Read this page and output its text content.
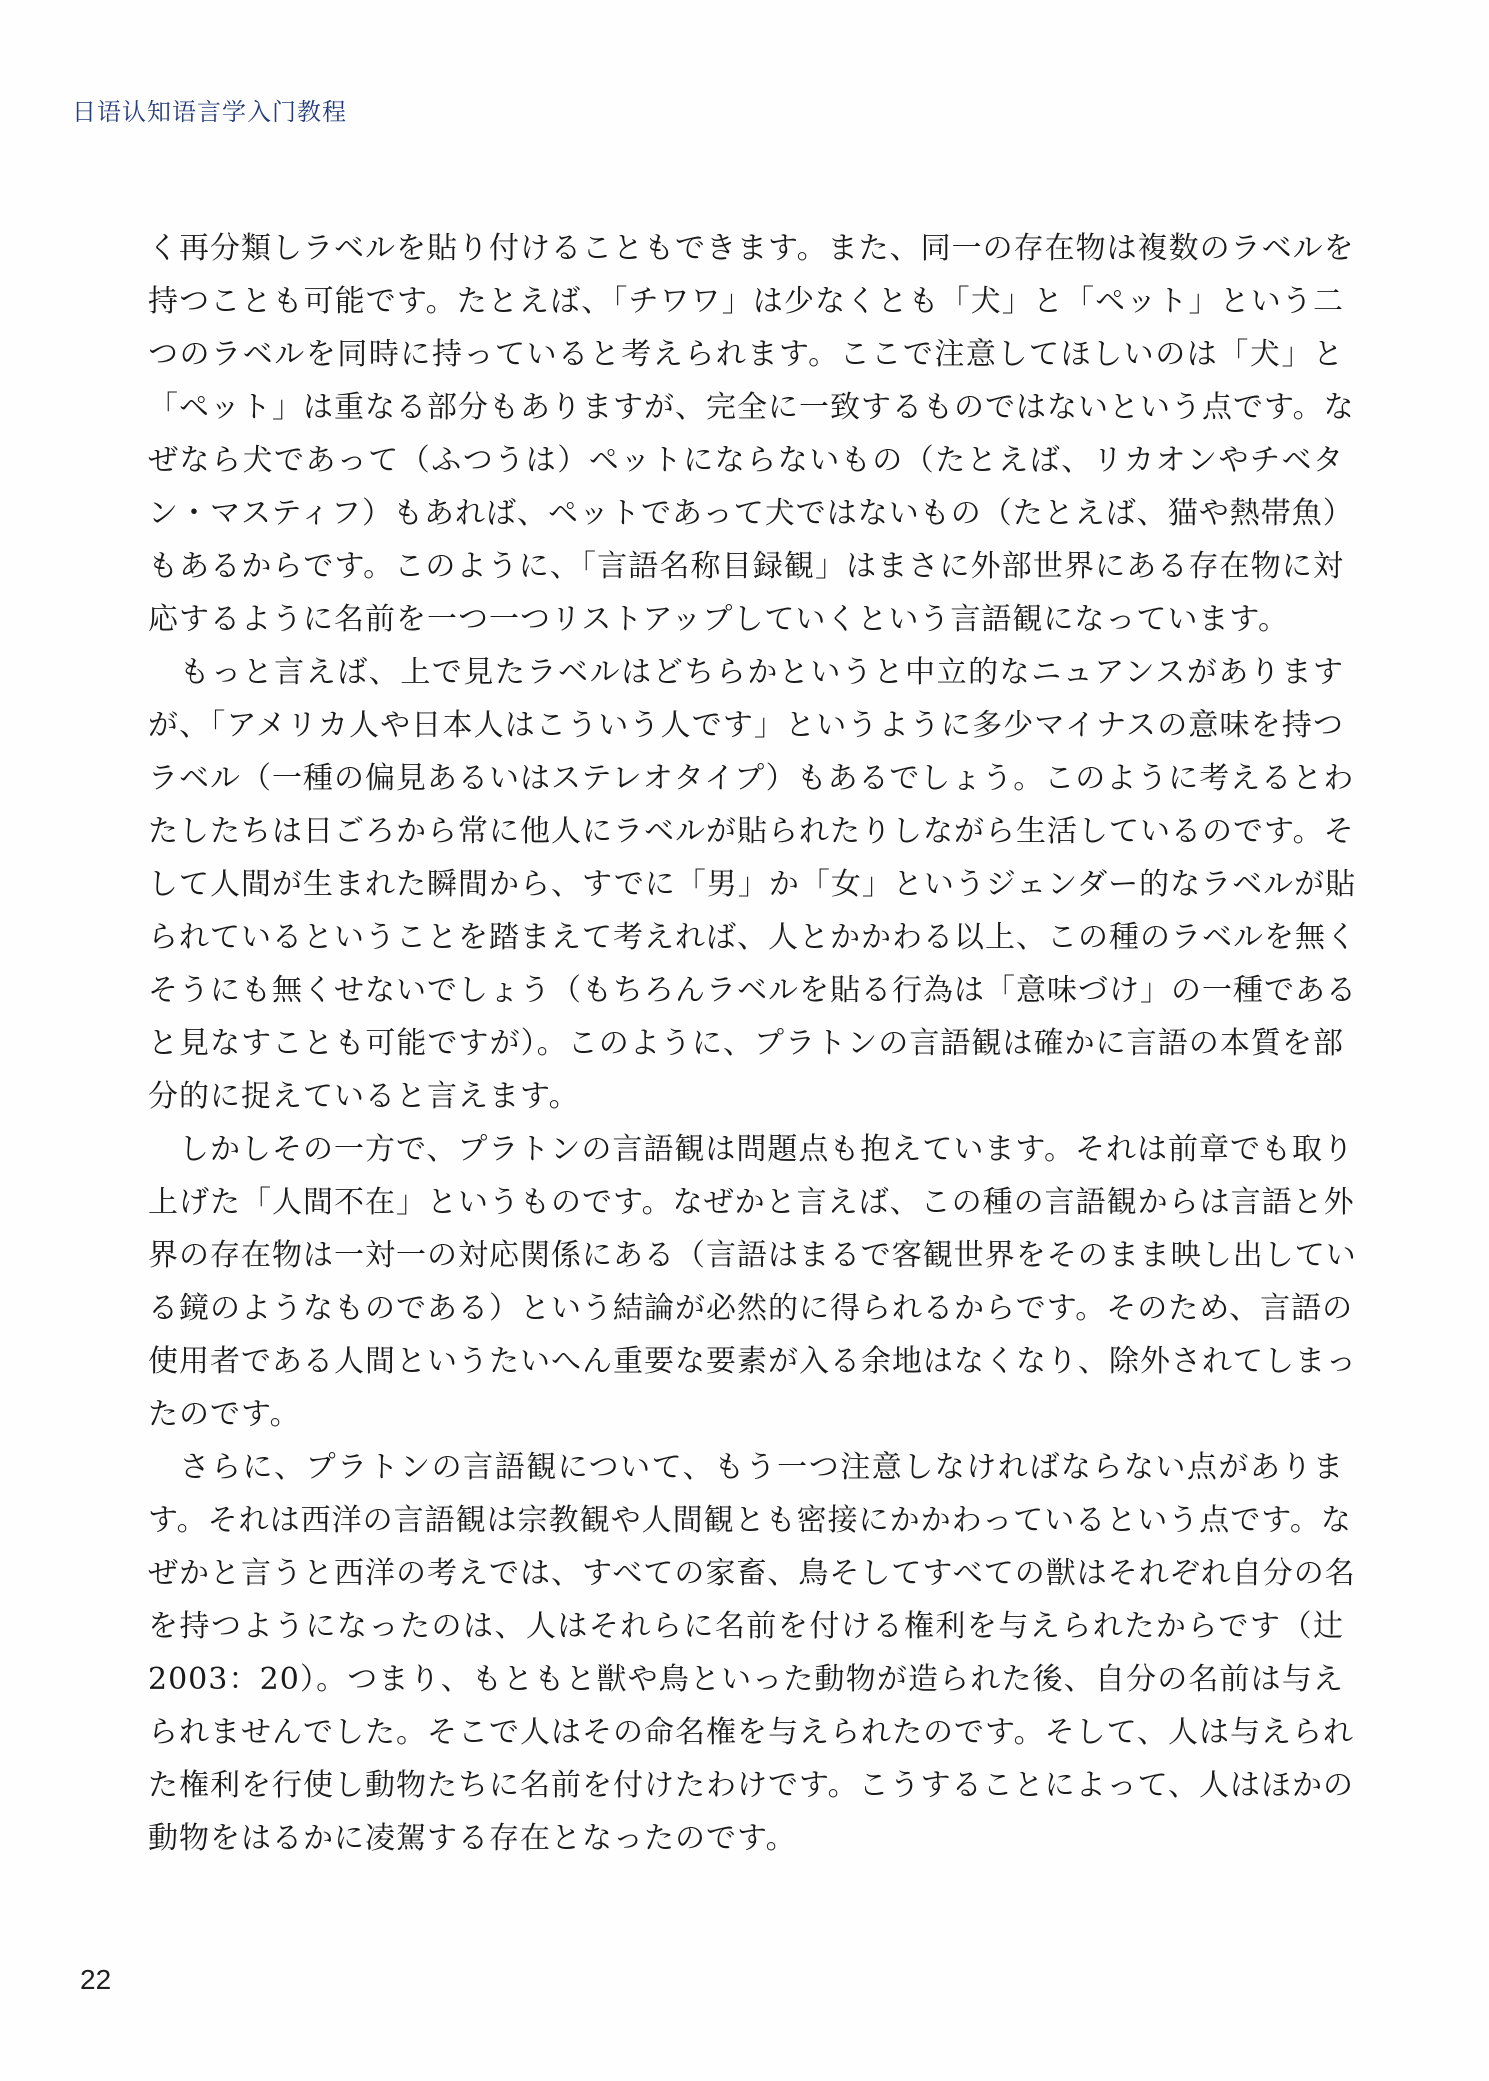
日语认知语言学入门教程
く再分類しラベルを貼り付けることもできます。また、同一の存在物は複数のラベルを
持つことも可能です。たとえば、「チワワ」は少なくとも「犬」と「ペット」という二
つのラベルを同時に持っていると考えられます。ここで注意してほしいのは「犬」と
「ペット」は重なる部分もありますが、完全に一致するものではないという点です。な
ぜなら犬であって（ふつうは）ペットにならないもの（たとえば、リカオンやチベタ
ン・マスティフ）もあれば、ペットであって犬ではないもの（たとえば、猫や熱帯魚）
もあるからです。このように、「言語名称目録観」はまさに外部世界にある存在物に対
応するように名前を一つ一つリストアップしていくという言語観になっています。
　もっと言えば、上で見たラベルはどちらかというと中立的なニュアンスがあります
が、「アメリカ人や日本人はこういう人です」というように多少マイナスの意味を持つ
ラベル（一種の偏見あるいはステレオタイプ）もあるでしょう。このように考えるとわ
たしたちは日ごろから常に他人にラベルが貼られたりしながら生活しているのです。そ
して人間が生まれた瞬間から、すでに「男」か「女」というジェンダー的なラベルが貼
られているということを踏まえて考えれば、人とかかわる以上、この種のラベルを無く
そうにも無くせないでしょう（もちろんラベルを貼る行為は「意味づけ」の一種である
と見なすことも可能ですが）。このように、プラトンの言語観は確かに言語の本質を部
分的に捉えていると言えます。
　しかしその一方で、プラトンの言語観は問題点も抱えています。それは前章でも取り
上げた「人間不在」というものです。なぜかと言えば、この種の言語観からは言語と外
界の存在物は一対一の対応関係にある（言語はまるで客観世界をそのまま映し出してい
る鏡のようなものである）という結論が必然的に得られるからです。そのため、言語の
使用者である人間というたいへん重要な要素が入る余地はなくなり、除外されてしまっ
たのです。
　さらに、プラトンの言語観について、もう一つ注意しなければならない点がありま
す。それは西洋の言語観は宗教観や人間観とも密接にかかわっているという点です。な
ぜかと言うと西洋の考えでは、すべての家畜、鳥そしてすべての獣はそれぞれ自分の名
を持つようになったのは、人はそれらに名前を付ける権利を与えられたからです（辻
2003：20）。つまり、もともと獣や鳥といった動物が造られた後、自分の名前は与え
られませんでした。そこで人はその命名権を与えられたのです。そして、人は与えられ
た権利を行使し動物たちに名前を付けたわけです。こうすることによって、人はほかの
動物をはるかに凌駕する存在となったのです。
22
